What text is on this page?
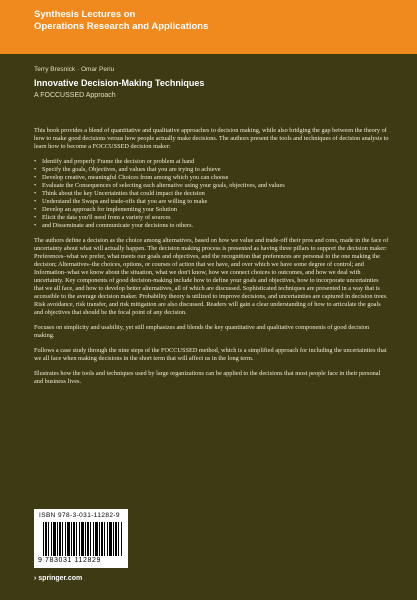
Synthesis Lectures on
Operations Research and Applications
Terry Bresnick · Omar Periu
Innovative Decision-Making Techniques
A FOCCUSSED Approach

This book provides a blend of quantitative and qualitative approaches to decision making, while also bridging the gap between the theory of how to make good decisions versus how people actually make decisions. The authors present the tools and techniques of decision analysis to learn how to become a FOCCUSSED decision maker:

• Identify and properly Frame the decision or problem at hand
• Specify the goals, Objectives, and values that you are trying to achieve
• Develop creative, meaningful Choices from among which you can choose
• Evaluate the Consequences of selecting each alternative using your goals, objectives, and values
• Think about the key Uncertainties that could impact the decision
• Understand the Swaps and trade-offs that you are willing to make
• Develop an approach for implementing your Solution
• Elicit the data you'll need from a variety of sources
• and Disseminate and communicate your decisions to others.

The authors define a decision as the choice among alternatives, based on how we value and trade-off their pros and cons, made in the face of uncertainty about what will actually happen. The decision making process is presented as having three pillars to support the decision maker: Preferences–what we prefer, what meets our goals and objectives, and the recognition that preferences are personal to the one making the decision; Alternatives–the choices, options, or courses of action that we have, and over which we have some degree of control; and Information–what we know about the situation, what we don't know, how we connect choices to outcomes, and how we deal with uncertainty. Key components of good decision-making include how to define your goals and objectives, how to incorporate uncertainties that we all face, and how to develop better alternatives, all of which are discussed. Sophisticated techniques are presented in a way that is accessible to the average decision maker. Probability theory is utilized to improve decisions, and uncertainties are captured in decision trees. Risk avoidance, risk transfer, and risk mitigation are also discussed. Readers will gain a clear understanding of how to articulate the goals and objectives that should be the focal point of any decision.

Focuses on simplicity and usability, yet still emphasizes and blends the key quantitative and qualitative components of good decision making.

Follows a case study through the nine steps of the FOCCUSSED method, which is a simplified approach for including the uncertainties that we all face when making decisions in the short term that will affect us in the long term.

Illustrates how the tools and techniques used by large organizations can be applied to the decisions that most people face in their personal and business lives.

ISBN 978-3-031-11282-9
9 783031 112829
› springer.com
